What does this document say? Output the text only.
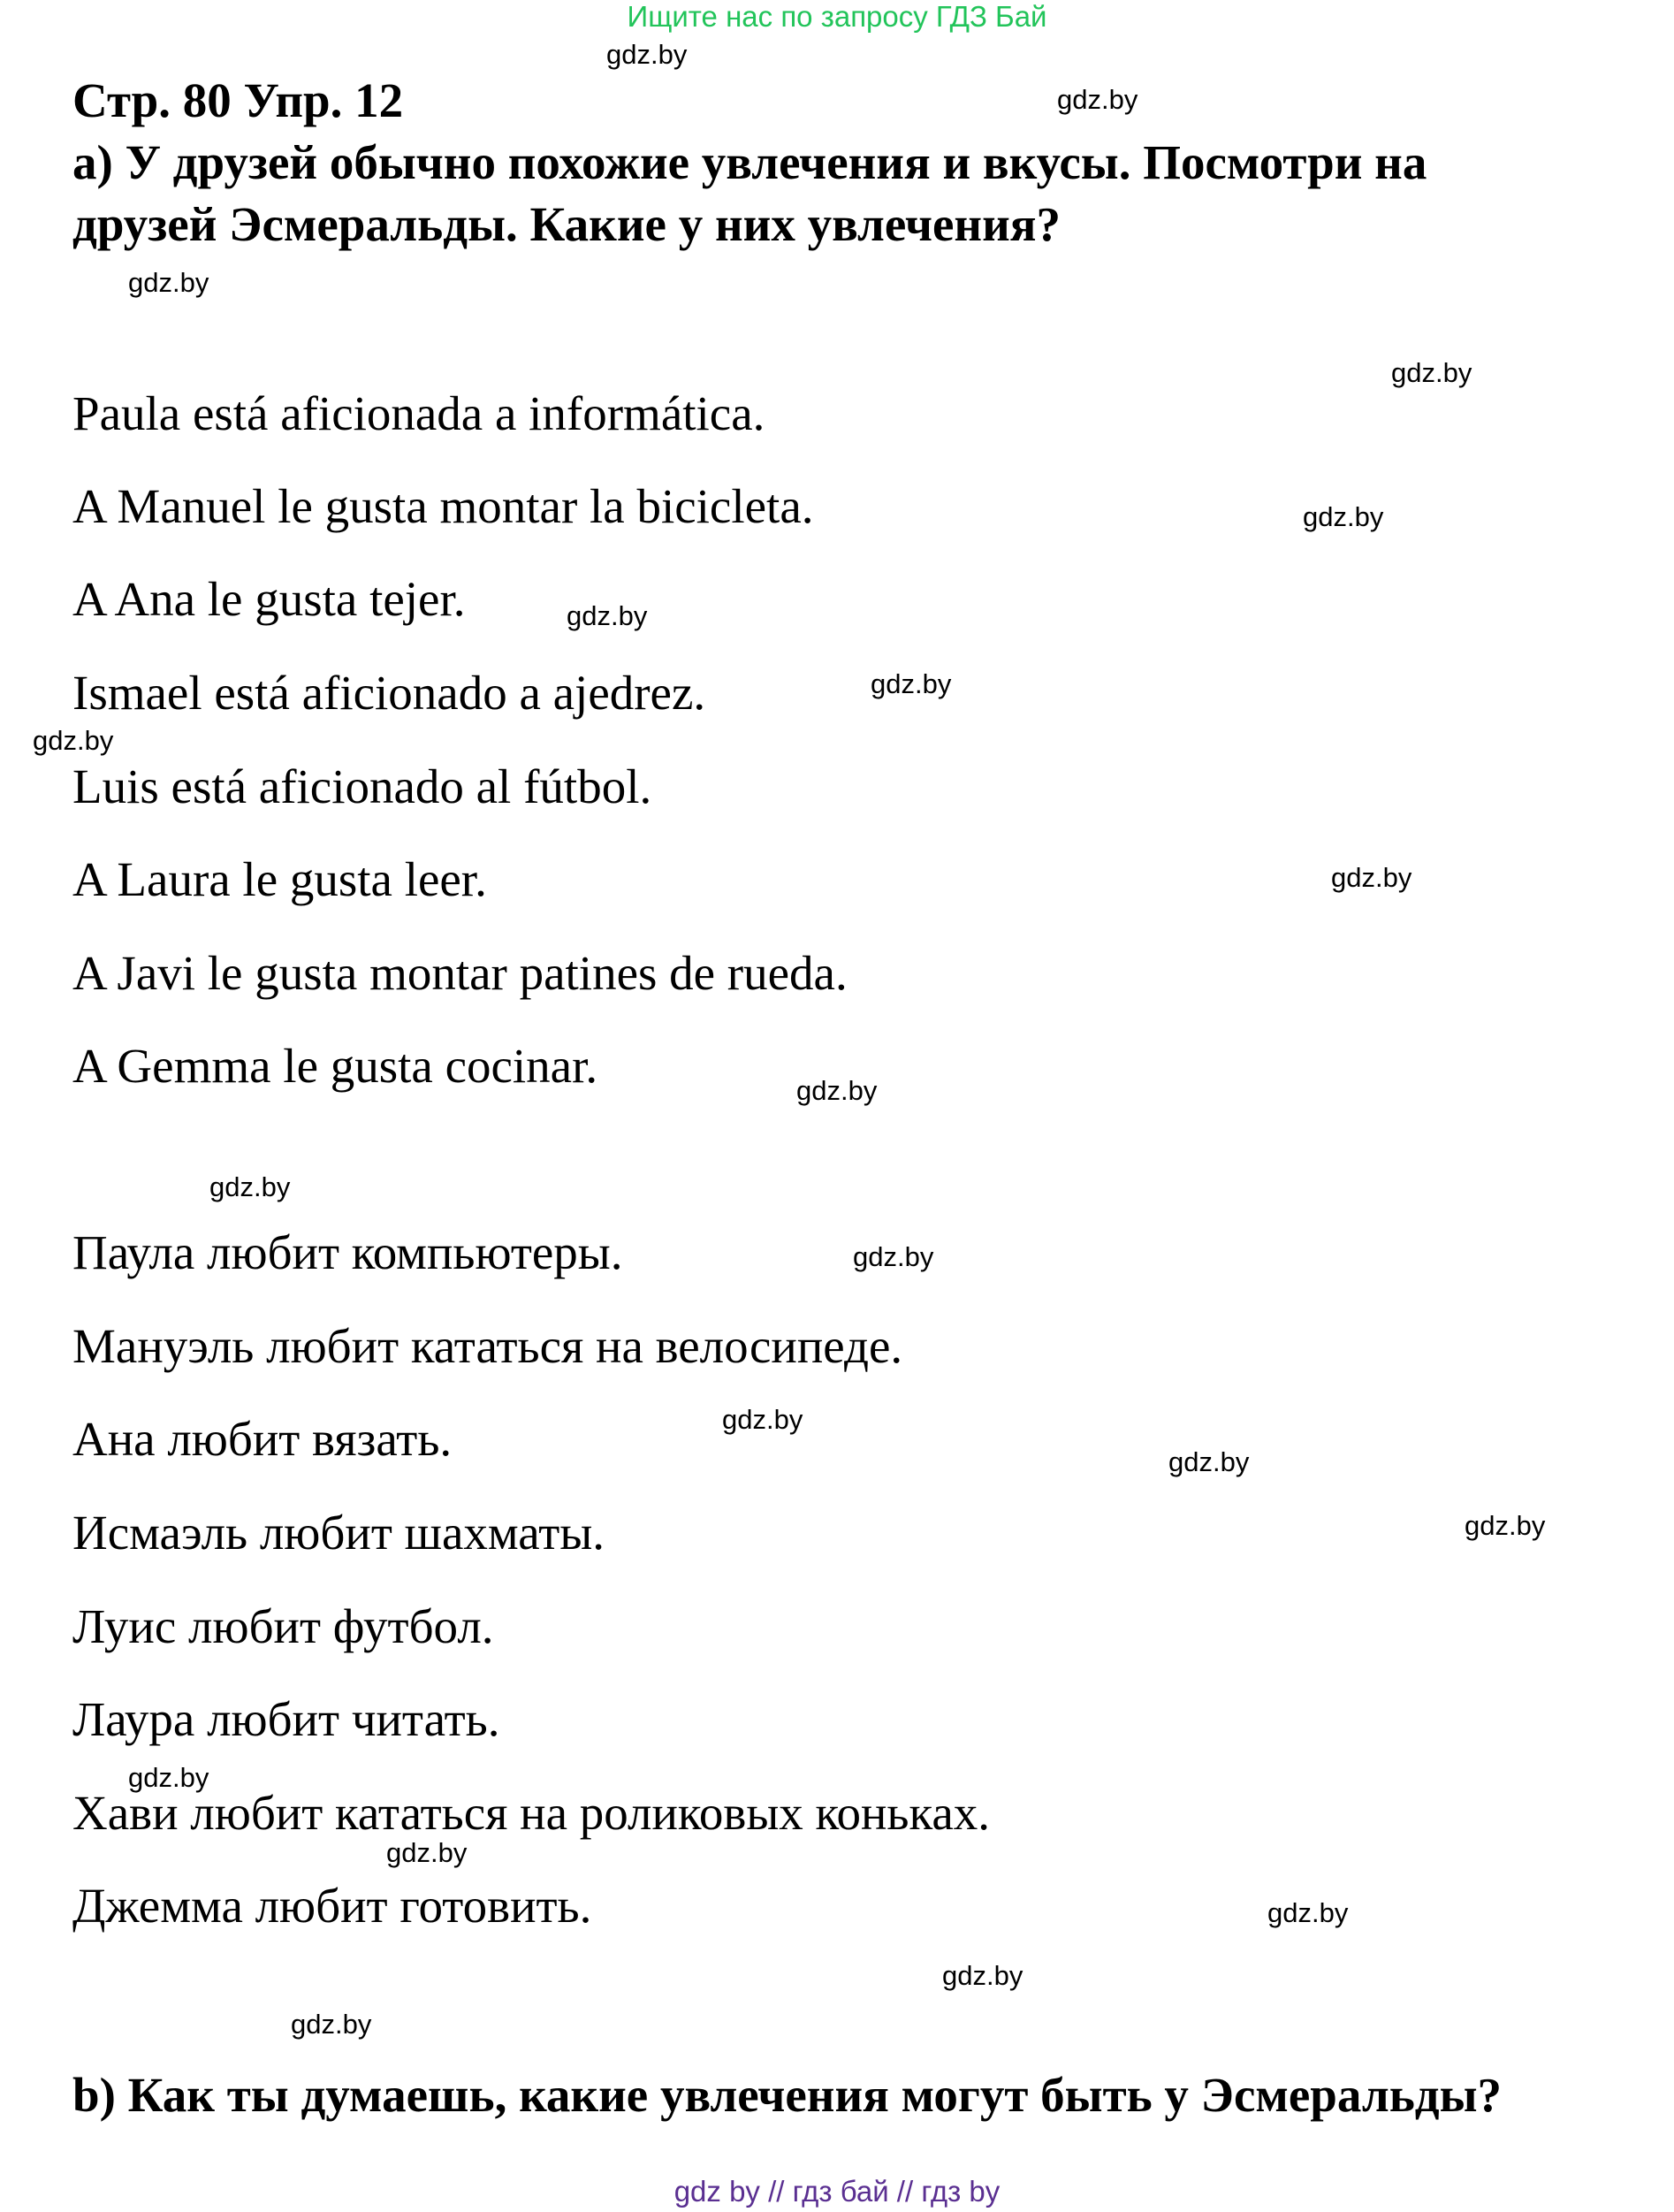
Ищите нас по запросу ГДЗ Бай
Стр. 80 Упр. 12
a) У друзей обычно похожие увлечения и вкусы. Посмотри на
друзей Эсмеральды. Какие у них увлечения?
Paula está aficionada a informática.
A Manuel le gusta montar la bicicleta.
A Ana le gusta tejer.
Ismael está aficionado a ajedrez.
Luis está aficionado al fútbol.
A Laura le gusta leer.
A Javi le gusta montar patines de rueda.
A Gemma le gusta cocinar.
Паула любит компьютеры.
Мануэль любит кататься на велосипеде.
Ана любит вязать.
Исмаэль любит шахматы.
Луис любит футбол.
Лаура любит читать.
Хави любит кататься на роликовых коньках.
Джемма любит готовить.
b) Как ты думаешь, какие увлечения могут быть у Эсмеральды?
gdz.by
gdz.by
gdz.by
gdz.by
gdz.by
gdz.by
gdz.by
gdz.by
gdz.by
gdz.by
gdz.by
gdz.by
gdz.by
gdz.by
gdz.by
gdz.by
gdz.by
gdz.by
gdz.by
gdz.by
gdz by // гдз бай // гдз by
